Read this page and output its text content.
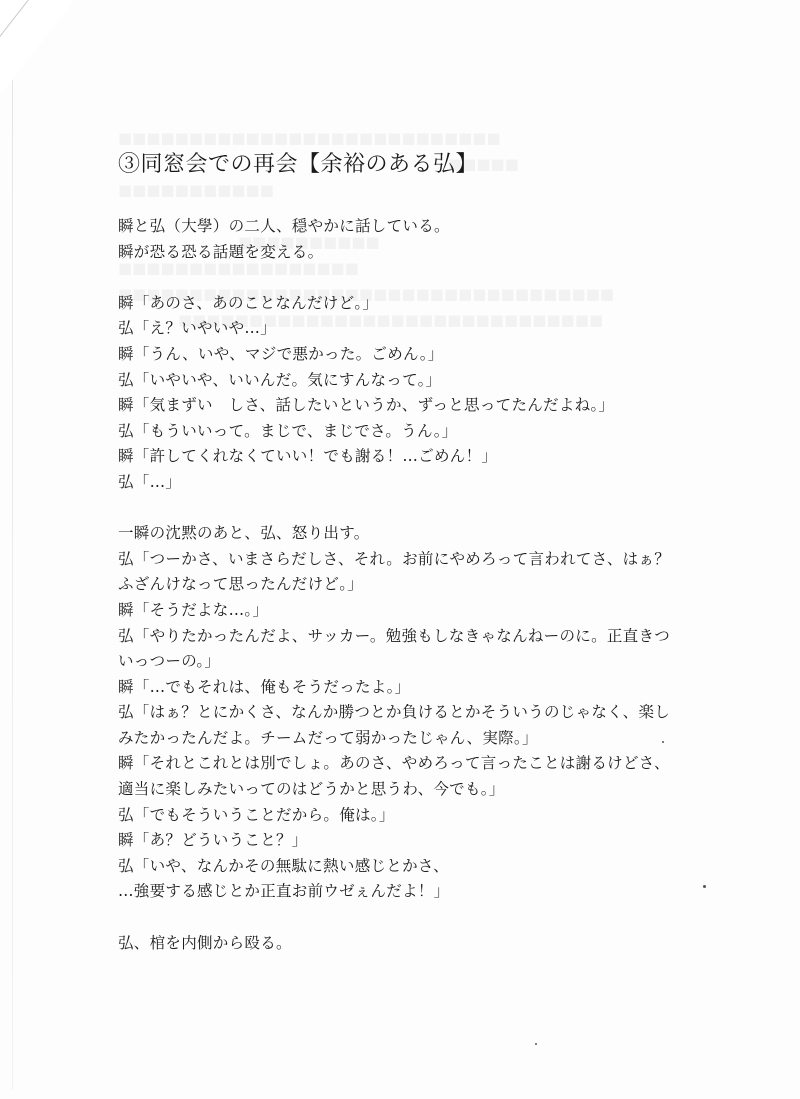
③同窓会での再会【余裕のある弘】
瞬と弘（大學）の二人、穏やかに話している。
瞬が恐る恐る話題を変える。
瞬「あのさ、あのことなんだけど。」
弘「え？いやいや…」
瞬「うん、いや、マジで悪かった。ごめん。」
弘「いやいや、いいんだ。気にすんなって。」
瞬「気まずい　しさ、話したいというか、ずっと思ってたんだよね。」
弘「もういいって。まじで、まじでさ。うん。」
瞬「許してくれなくていい！でも謝る！…ごめん！」
弘「…」
一瞬の沈黙のあと、弘、怒り出す。
弘「つーかさ、いまさらだしさ、それ。お前にやめろって言われてさ、はぁ？
ふざんけなって思ったんだけど。」
瞬「そうだよな…。」
弘「やりたかったんだよ、サッカー。勉強もしなきゃなんねーのに。正直きつ
いっつーの。」
瞬「…でもそれは、俺もそうだったよ。」
弘「はぁ？とにかくさ、なんか勝つとか負けるとかそういうのじゃなく、楽し
みたかったんだよ。チームだって弱かったじゃん、実際。」
瞬「それとこれとは別でしょ。あのさ、やめろって言ったことは謝るけどさ、
適当に楽しみたいってのはどうかと思うわ、今でも。」
弘「でもそういうことだから。俺は。」
瞬「あ？どういうこと？」
弘「いや、なんかその無駄に熱い感じとかさ、
…強要する感じとか正直お前ウゼぇんだよ！」
弘、棺を内側から殴る。
